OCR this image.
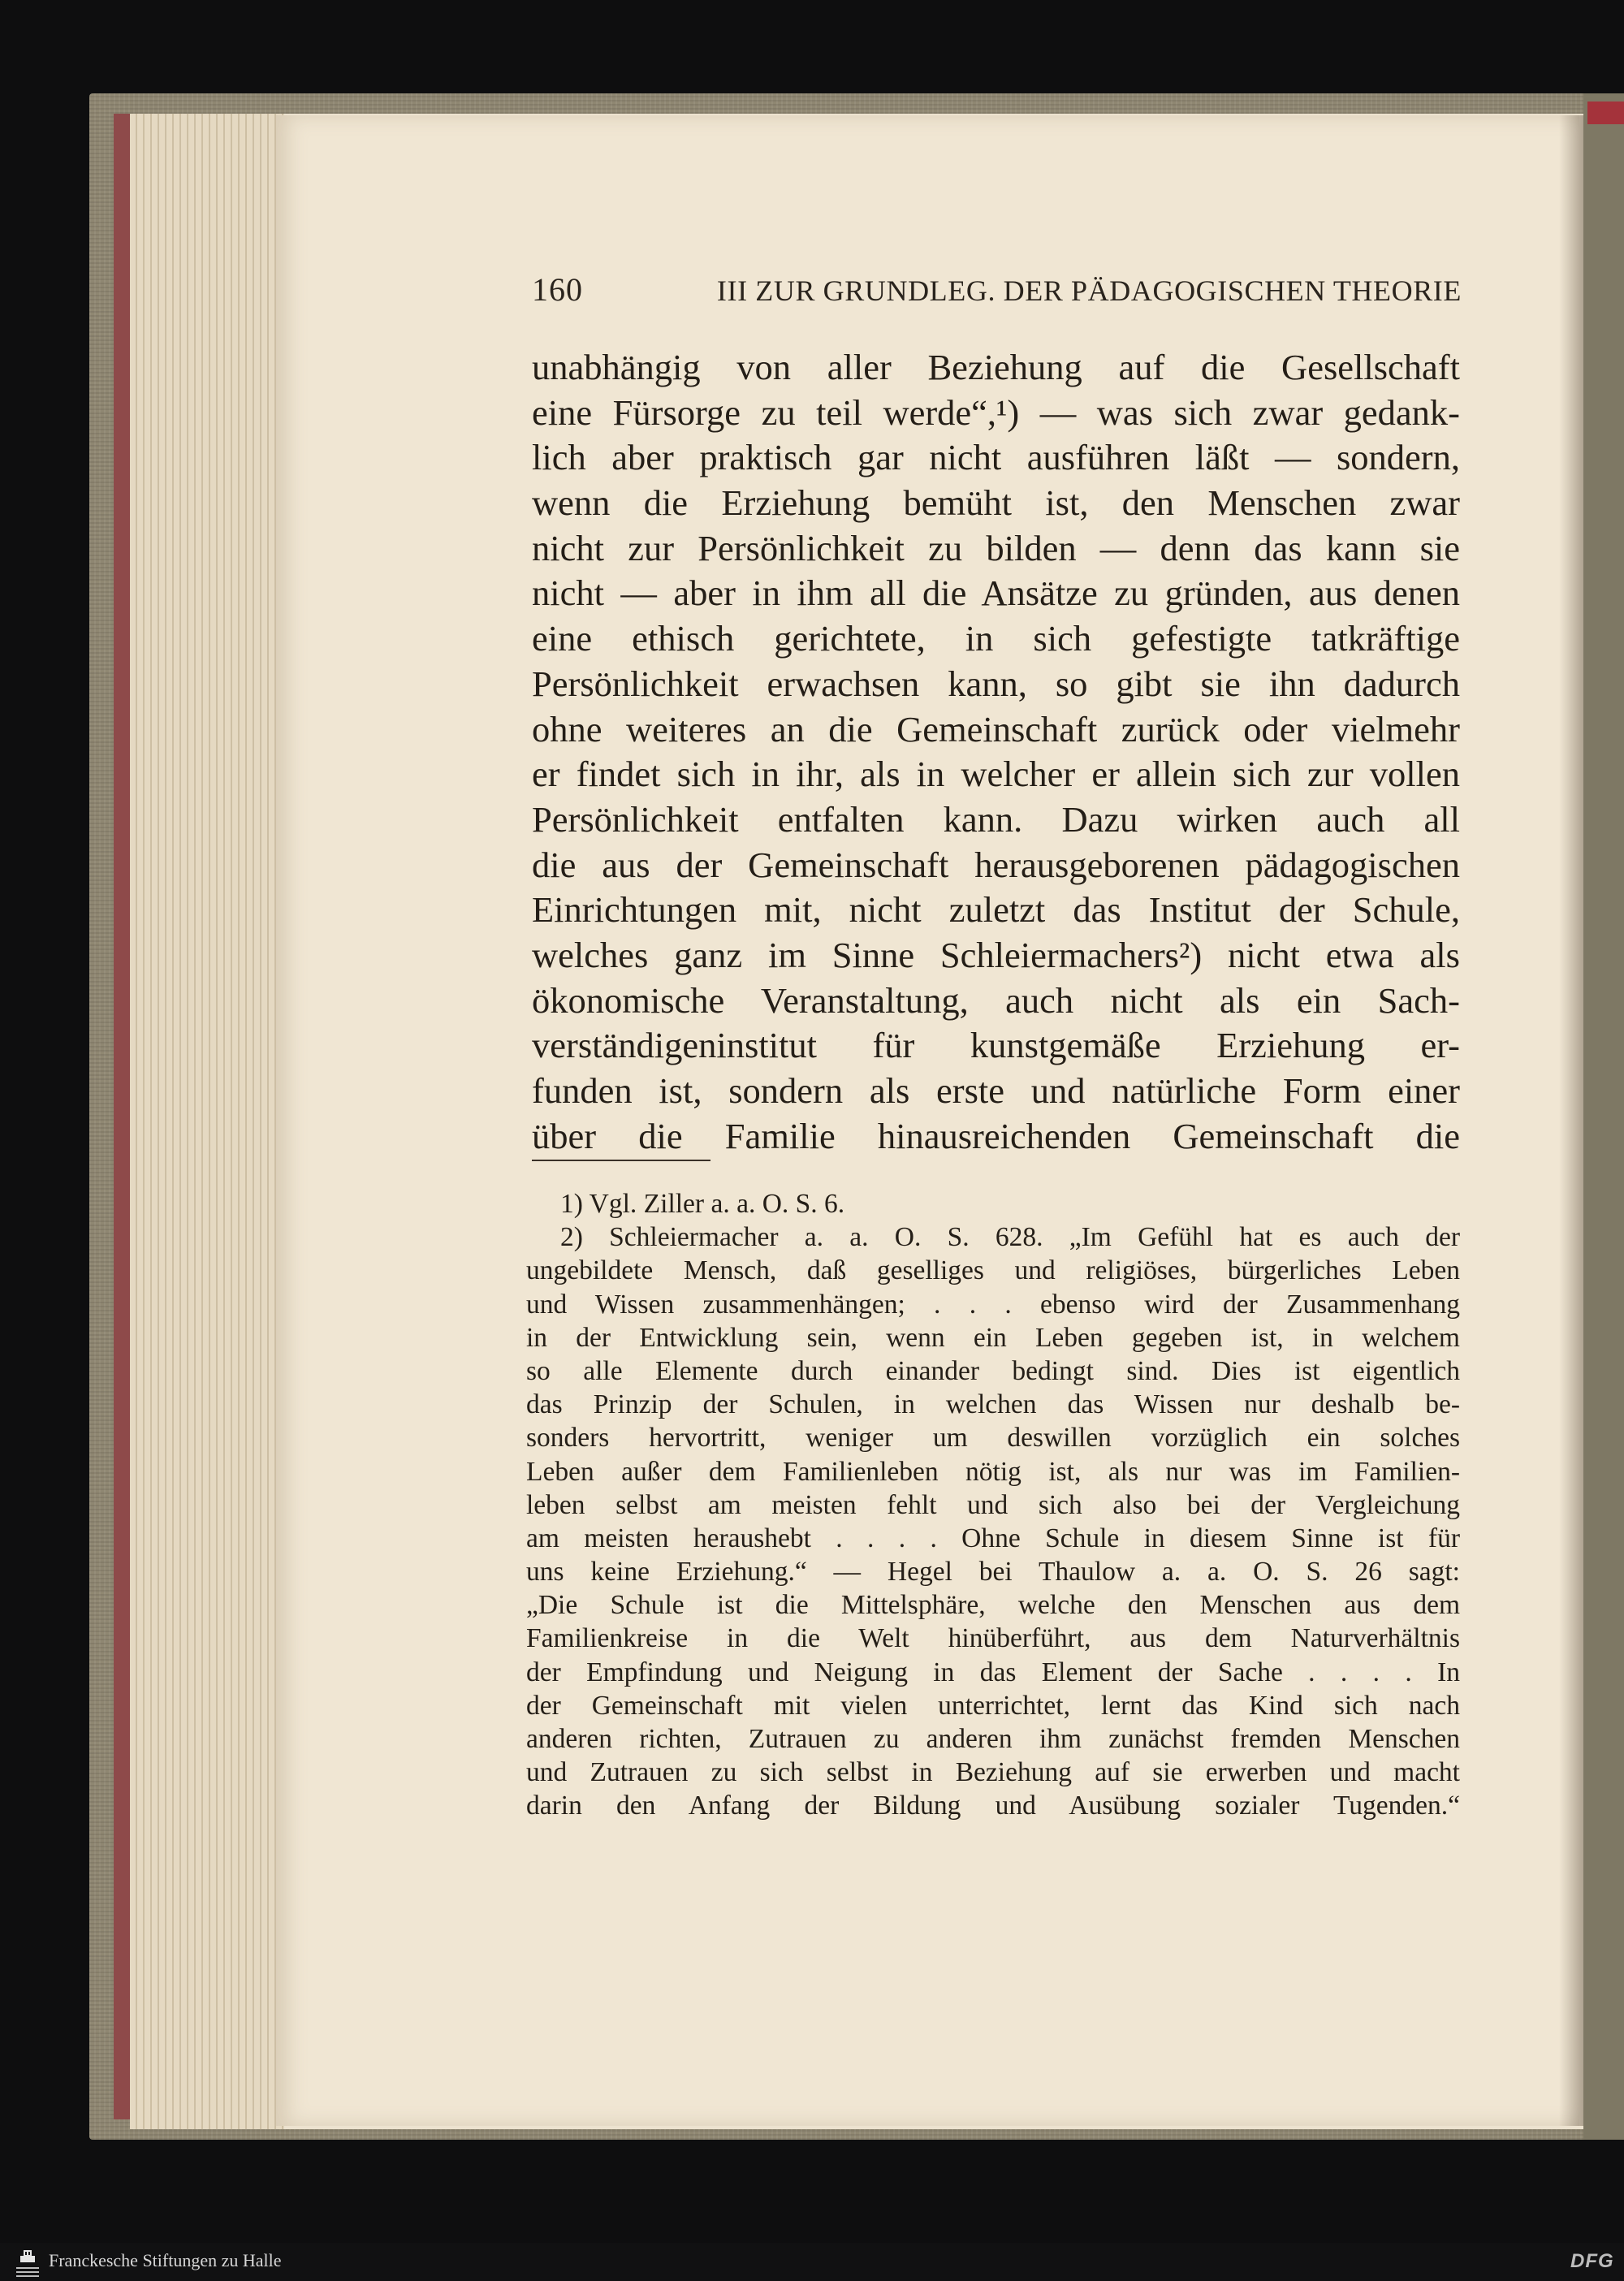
160	III ZUR GRUNDLEG. DER PÄDAGOGISCHEN THEORIE
unabhängig von aller Beziehung auf die Gesellschaft
eine Fürsorge zu teil werde“,¹) — was sich zwar gedank-
lich aber praktisch gar nicht ausführen läßt — sondern,
wenn die Erziehung bemüht ist, den Menschen zwar
nicht zur Persönlichkeit zu bilden — denn das kann sie
nicht — aber in ihm all die Ansätze zu gründen, aus denen
eine ethisch gerichtete, in sich gefestigte tatkräftige
Persönlichkeit erwachsen kann, so gibt sie ihn dadurch
ohne weiteres an die Gemeinschaft zurück oder vielmehr
er findet sich in ihr, als in welcher er allein sich zur vollen
Persönlichkeit entfalten kann. Dazu wirken auch all
die aus der Gemeinschaft herausgeborenen pädagogischen
Einrichtungen mit, nicht zuletzt das Institut der Schule,
welches ganz im Sinne Schleiermachers²) nicht etwa als
ökonomische Veranstaltung, auch nicht als ein Sach-
verständigeninstitut für kunstgemäße Erziehung er-
funden ist, sondern als erste und natürliche Form einer
über die Familie hinausreichenden Gemeinschaft die
1) Vgl. Ziller a. a. O. S. 6.
2) Schleiermacher a. a. O. S. 628. „Im Gefühl hat es auch der
ungebildete Mensch, daß geselliges und religiöses, bürgerliches Leben
und Wissen zusammenhängen; . . . ebenso wird der Zusammenhang
in der Entwicklung sein, wenn ein Leben gegeben ist, in welchem
so alle Elemente durch einander bedingt sind. Dies ist eigentlich
das Prinzip der Schulen, in welchen das Wissen nur deshalb be-
sonders hervortritt, weniger um deswillen vorzüglich ein solches
Leben außer dem Familienleben nötig ist, als nur was im Familien-
leben selbst am meisten fehlt und sich also bei der Vergleichung
am meisten heraushebt . . . . Ohne Schule in diesem Sinne ist für
uns keine Erziehung.“ — Hegel bei Thaulow a. a. O. S. 26 sagt:
„Die Schule ist die Mittelsphäre, welche den Menschen aus dem
Familienkreise in die Welt hinüberführt, aus dem Naturverhältnis
der Empfindung und Neigung in das Element der Sache . . . . In
der Gemeinschaft mit vielen unterrichtet, lernt das Kind sich nach
anderen richten, Zutrauen zu anderen ihm zunächst fremden Menschen
und Zutrauen zu sich selbst in Beziehung auf sie erwerben und macht
darin den Anfang der Bildung und Ausübung sozialer Tugenden.“
Franckesche Stiftungen zu Halle	DFG
